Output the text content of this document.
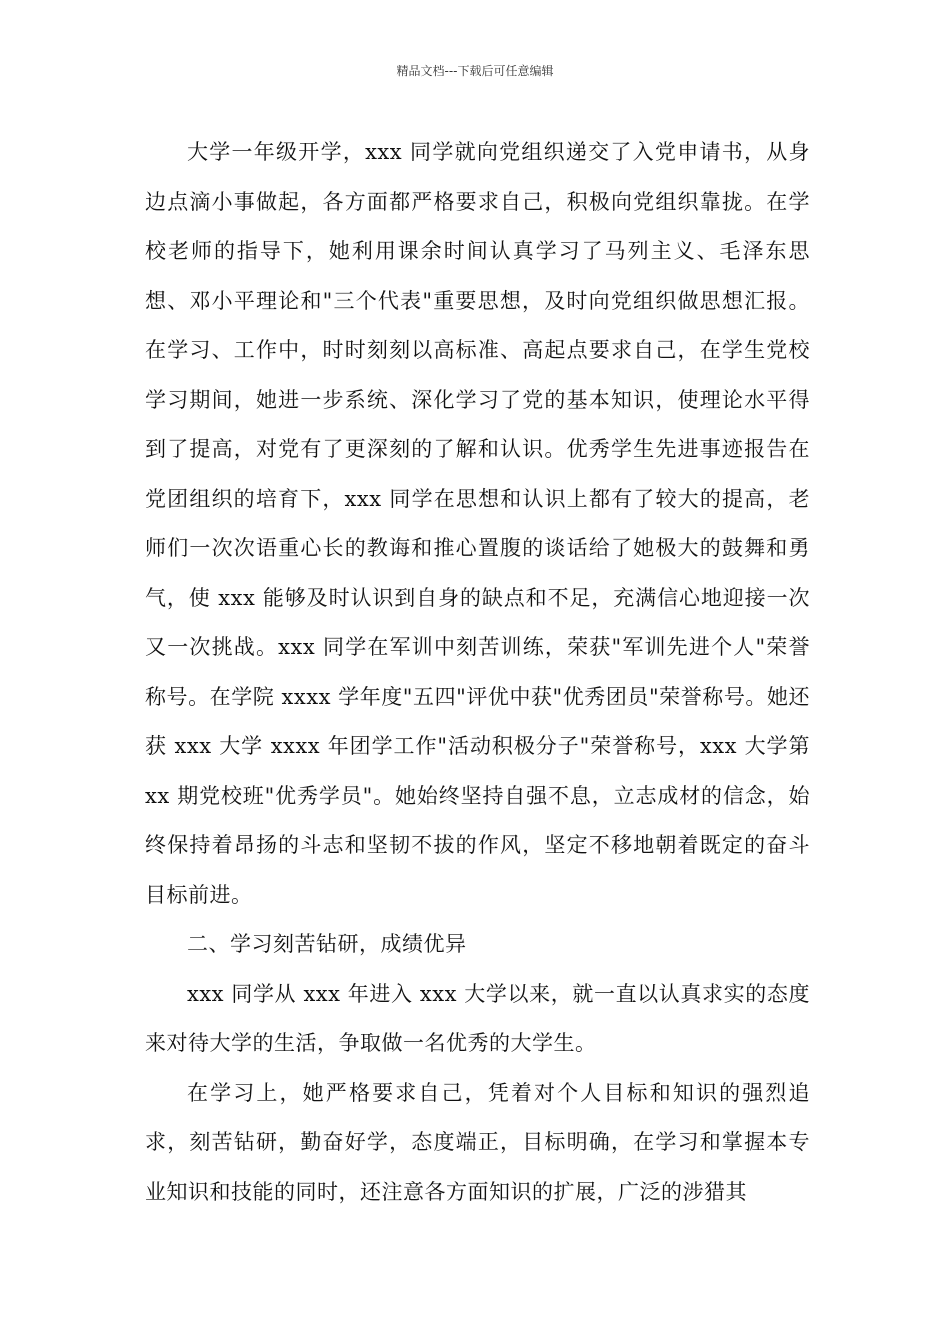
精品文档---下载后可任意编辑

大学一年级开学，xxx 同学就向党组织递交了入党申请书，从身边点滴小事做起，各方面都严格要求自己，积极向党组织靠拢。在学校老师的指导下，她利用课余时间认真学习了马列主义、毛泽东思想、邓小平理论和"三个代表"重要思想，及时向党组织做思想汇报。在学习、工作中，时时刻刻以高标准、高起点要求自己，在学生党校学习期间，她进一步系统、深化学习了党的基本知识，使理论水平得到了提高，对党有了更深刻的了解和认识。优秀学生先进事迹报告在党团组织的培育下，xxx 同学在思想和认识上都有了较大的提高，老师们一次次语重心长的教诲和推心置腹的谈话给了她极大的鼓舞和勇气，使 xxx 能够及时认识到自身的缺点和不足，充满信心地迎接一次又一次挑战。xxx 同学在军训中刻苦训练，荣获"军训先进个人"荣誉称号。在学院 xxxx 学年度"五四"评优中获"优秀团员"荣誉称号。她还获 xxx 大学 xxxx 年团学工作"活动积极分子"荣誉称号，xxx 大学第 xx 期党校班"优秀学员"。她始终坚持自强不息，立志成材的信念，始终保持着昂扬的斗志和坚韧不拔的作风，坚定不移地朝着既定的奋斗目标前进。

二、学习刻苦钻研，成绩优异

xxx 同学从 xxx 年进入 xxx 大学以来，就一直以认真求实的态度来对待大学的生活，争取做一名优秀的大学生。

在学习上，她严格要求自己，凭着对个人目标和知识的强烈追求，刻苦钻研，勤奋好学，态度端正，目标明确，在学习和掌握本专业知识和技能的同时，还注意各方面知识的扩展，广泛的涉猎其
